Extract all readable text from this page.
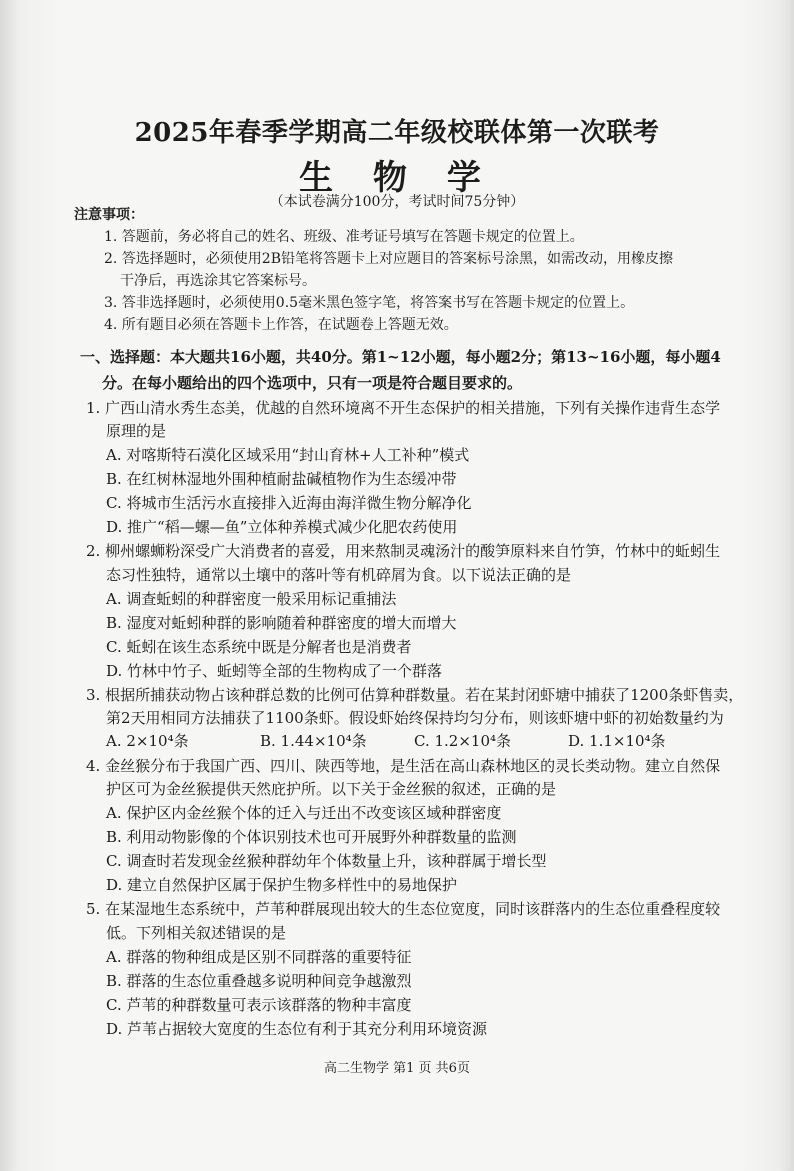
2025年春季学期高二年级校联体第一次联考
生 物 学
（本试卷满分100分，考试时间75分钟）
注意事项：
1. 答题前，务必将自己的姓名、班级、准考证号填写在答题卡规定的位置上。
2. 答选择题时，必须使用2B铅笔将答题卡上对应题目的答案标号涂黑，如需改动，用橡皮擦
干净后，再选涂其它答案标号。
3. 答非选择题时，必须使用0.5毫米黑色签字笔，将答案书写在答题卡规定的位置上。
4. 所有题目必须在答题卡上作答，在试题卷上答题无效。
一、选择题：本大题共16小题，共40分。第1~12小题，每小题2分；第13~16小题，每小题4
分。在每小题给出的四个选项中，只有一项是符合题目要求的。
1. 广西山清水秀生态美，优越的自然环境离不开生态保护的相关措施，下列有关操作违背生态学
原理的是
A. 对喀斯特石漠化区域采用“封山育林+人工补种”模式
B. 在红树林湿地外围种植耐盐碱植物作为生态缓冲带
C. 将城市生活污水直接排入近海由海洋微生物分解净化
D. 推广“稻—螺—鱼”立体种养模式减少化肥农药使用
2. 柳州螺蛳粉深受广大消费者的喜爱，用来熬制灵魂汤汁的酸笋原料来自竹笋，竹林中的蚯蚓生
态习性独特，通常以土壤中的落叶等有机碎屑为食。以下说法正确的是
A. 调查蚯蚓的种群密度一般采用标记重捕法
B. 湿度对蚯蚓种群的影响随着种群密度的增大而增大
C. 蚯蚓在该生态系统中既是分解者也是消费者
D. 竹林中竹子、蚯蚓等全部的生物构成了一个群落
3. 根据所捕获动物占该种群总数的比例可估算种群数量。若在某封闭虾塘中捕获了1200条虾售卖，
第2天用相同方法捕获了1100条虾。假设虾始终保持均匀分布，则该虾塘中虾的初始数量约为
A. 2×10⁴条	B. 1.44×10⁴条	C. 1.2×10⁴条	D. 1.1×10⁴条
4. 金丝猴分布于我国广西、四川、陕西等地，是生活在高山森林地区的灵长类动物。建立自然保
护区可为金丝猴提供天然庇护所。以下关于金丝猴的叙述，正确的是
A. 保护区内金丝猴个体的迁入与迁出不改变该区域种群密度
B. 利用动物影像的个体识别技术也可开展野外种群数量的监测
C. 调查时若发现金丝猴种群幼年个体数量上升，该种群属于增长型
D. 建立自然保护区属于保护生物多样性中的易地保护
5. 在某湿地生态系统中，芦苇种群展现出较大的生态位宽度，同时该群落内的生态位重叠程度较
低。下列相关叙述错误的是
A. 群落的物种组成是区别不同群落的重要特征
B. 群落的生态位重叠越多说明种间竞争越激烈
C. 芦苇的种群数量可表示该群落的物种丰富度
D. 芦苇占据较大宽度的生态位有利于其充分利用环境资源
高二生物学 第1 页 共6页
